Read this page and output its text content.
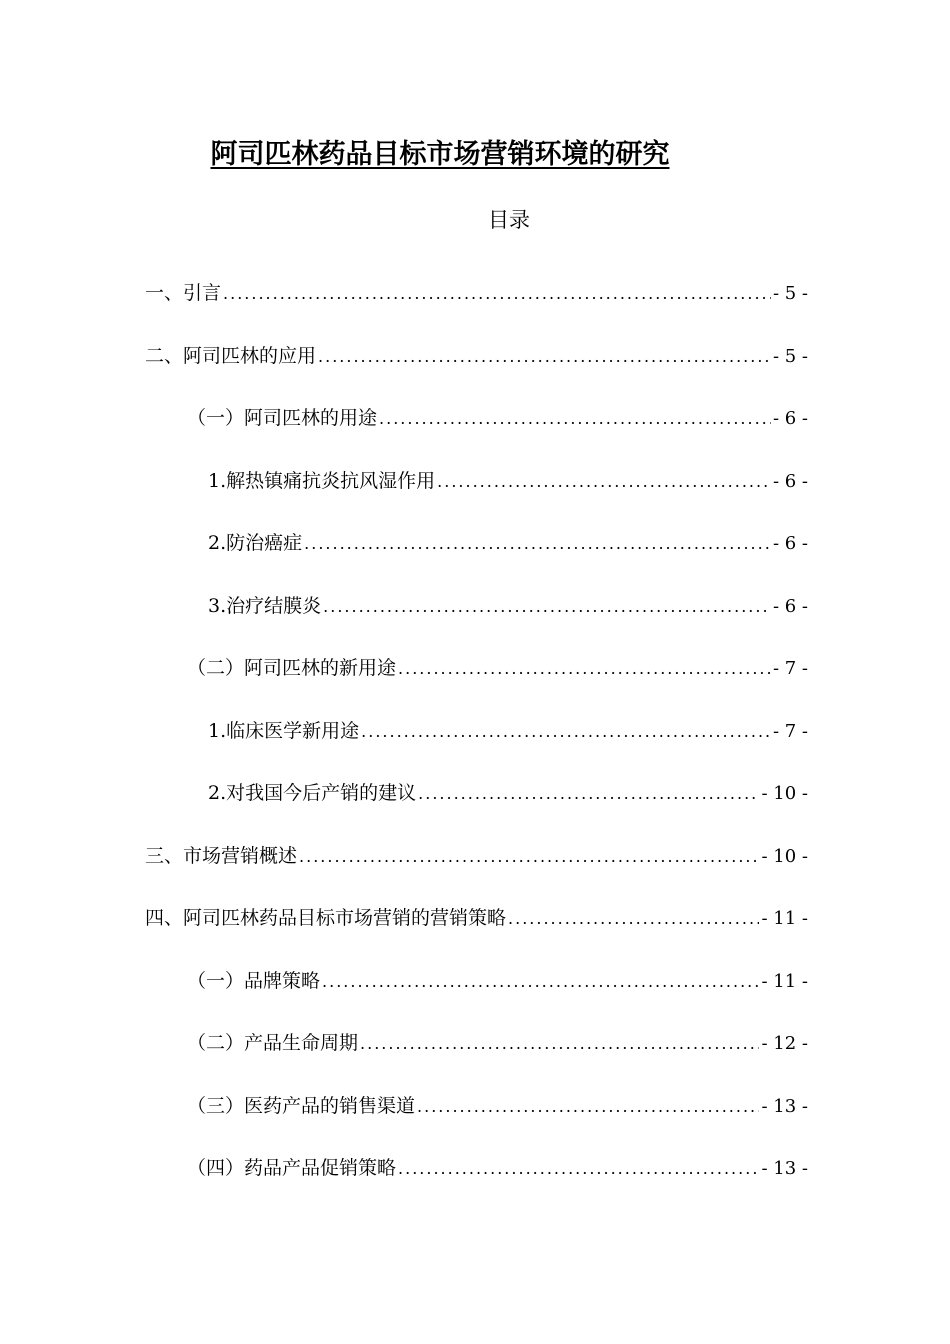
阿司匹林药品目标市场营销环境的研究
目录
一、引言 .....	- 5 -
二、阿司匹林的应用 .....	- 5 -
（一）阿司匹林的用途 .....	- 6 -
1.解热镇痛抗炎抗风湿作用 .....	- 6 -
2.防治癌症 .....	- 6 -
3.治疗结膜炎 .....	- 6 -
（二）阿司匹林的新用途 .....	- 7 -
1.临床医学新用途 .....	- 7 -
2.对我国今后产销的建议 .....	- 10 -
三、市场营销概述 .....	- 10 -
四、阿司匹林药品目标市场营销的营销策略 .....	- 11 -
（一）品牌策略 .....	- 11 -
（二）产品生命周期 .....	- 12 -
（三）医药产品的销售渠道 .....	- 13 -
（四）药品产品促销策略 .....	- 13 -
